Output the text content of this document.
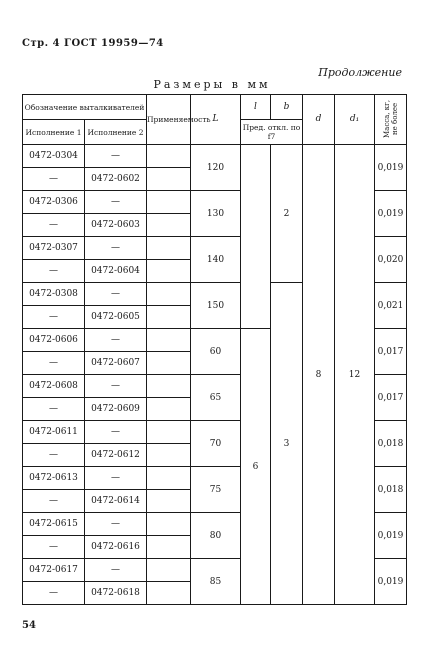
Стр. 4 ГОСТ 19959—74
Продолжение
Размеры в мм
Обозначение выталкивателей		Применяемость	L	l	b	d	d₁	Масса, кг, не более
Исполнение 1	Исполнение 2			Пред. откл. по f7				
0472-0304	—		120		2	8	12	0,019
—	0472-0602							
0472-0306	—		130					0,019
—	0472-0603							
0472-0307	—		140					0,020
—	0472-0604							
0472-0308	—		150		3			0,021
—	0472-0605							
0472-0606	—		60	6				0,017
—	0472-0607							
0472-0608	—		65					0,017
—	0472-0609							
0472-0611	—		70					0,018
—	0472-0612							
0472-0613	—		75					0,018
—	0472-0614							
0472-0615	—		80					0,019
—	0472-0616							
0472-0617	—		85					0,019
—	0472-0618							
54
